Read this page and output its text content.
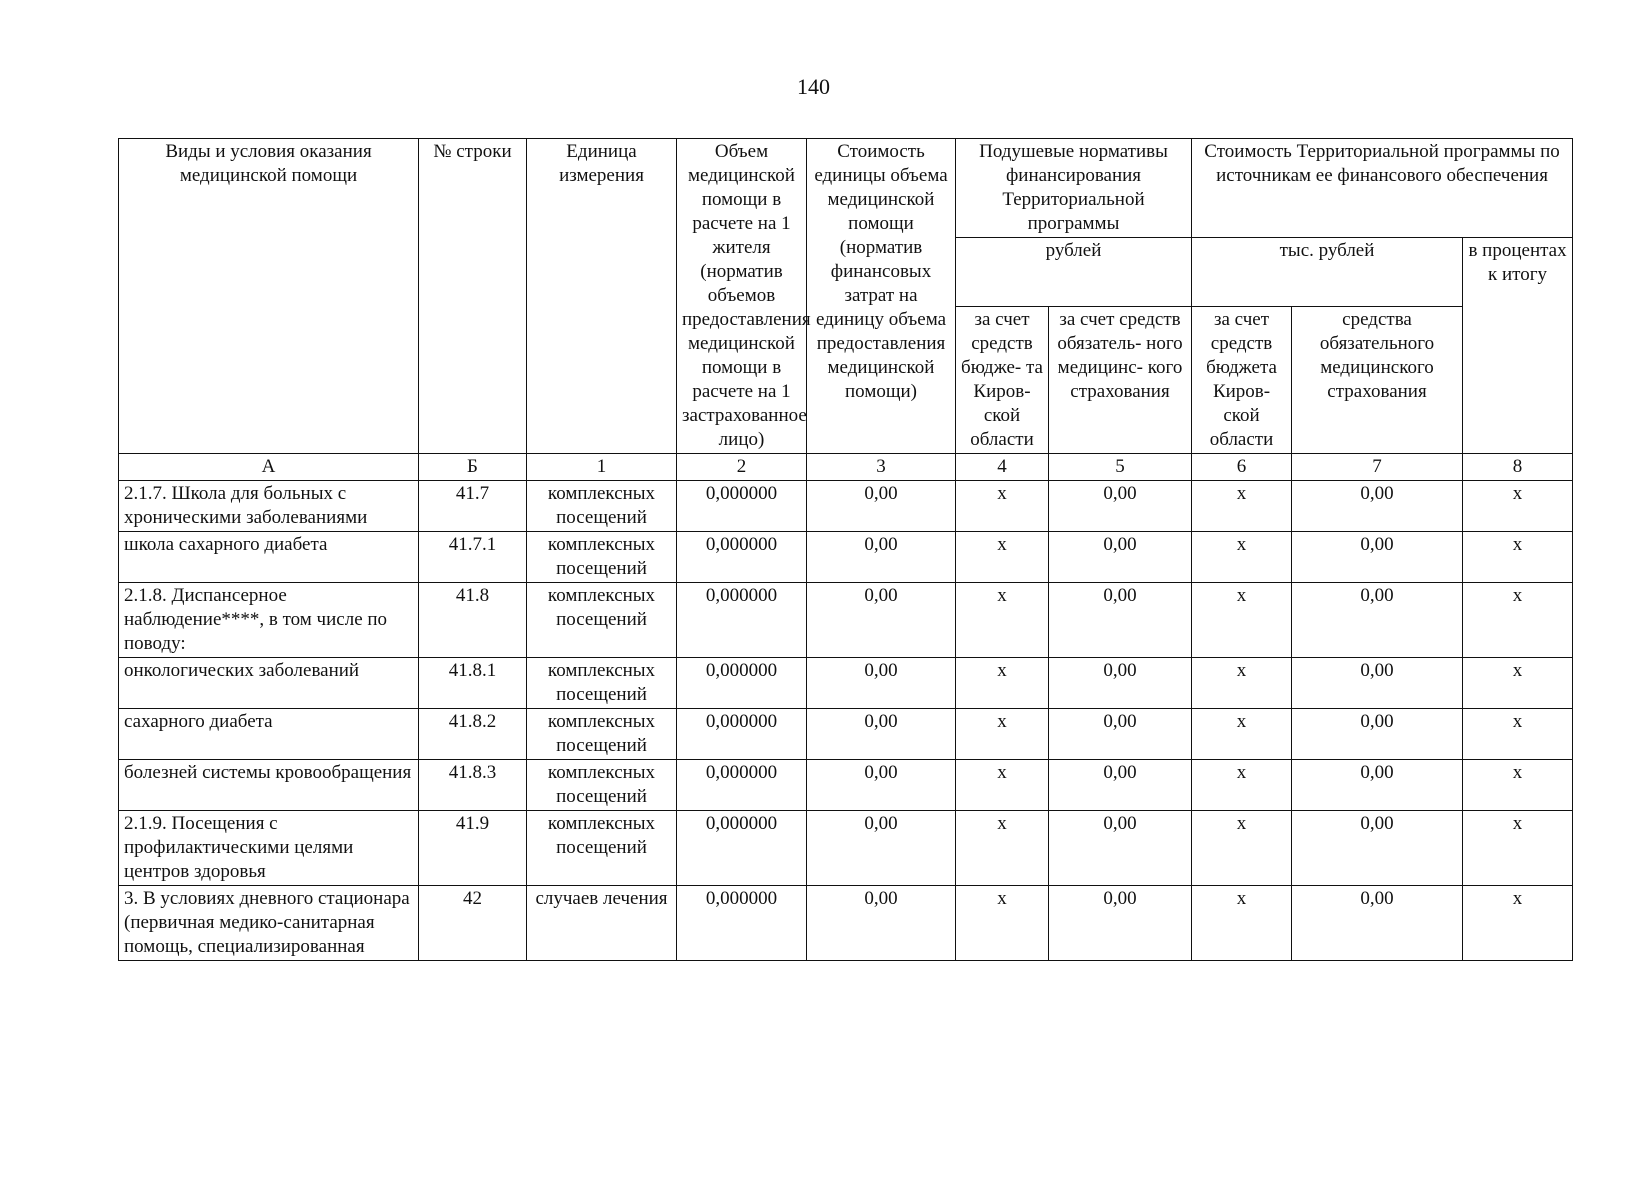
140
Виды и условия оказания медицинской помощи	№ строки	Единица измерения	Объем медицинской помощи в расчете на 1 жителя (норматив объемов предоставления медицинской помощи в расчете на 1 застрахованное лицо)	Стоимость единицы объема медицинской помощи (норматив финансовых затрат на единицу объема предоставления медицинской помощи)	Подушевые нормативы финансирования Территориальной программы		Стоимость Территориальной программы по источникам ее финансового обеспечения		
					рублей		тыс. рублей		в процентах к итогу
					за счет средств бюдже- та Киров- ской области	за счет средств обязатель- ного медицинс- кого страхования	за счет средств бюджета Киров- ской области	средства обязательного медицинского страхования	
А	Б	1	2	3	4	5	6	7	8
2.1.7. Школа для больных с хроническими заболеваниями	41.7	комплексных посещений	0,000000	0,00	х	0,00	х	0,00	х
школа сахарного диабета	41.7.1	комплексных посещений	0,000000	0,00	х	0,00	х	0,00	х
2.1.8. Диспансерное наблюдение****, в том числе по поводу:	41.8	комплексных посещений	0,000000	0,00	х	0,00	х	0,00	х
онкологических заболеваний	41.8.1	комплексных посещений	0,000000	0,00	х	0,00	х	0,00	х
сахарного диабета	41.8.2	комплексных посещений	0,000000	0,00	х	0,00	х	0,00	х
болезней системы кровообращения	41.8.3	комплексных посещений	0,000000	0,00	х	0,00	х	0,00	х
2.1.9. Посещения с профилактическими целями центров здоровья	41.9	комплексных посещений	0,000000	0,00	х	0,00	х	0,00	х
3. В условиях дневного стационара (первичная медико-санитарная помощь, специализированная	42	случаев лечения	0,000000	0,00	х	0,00	х	0,00	х
